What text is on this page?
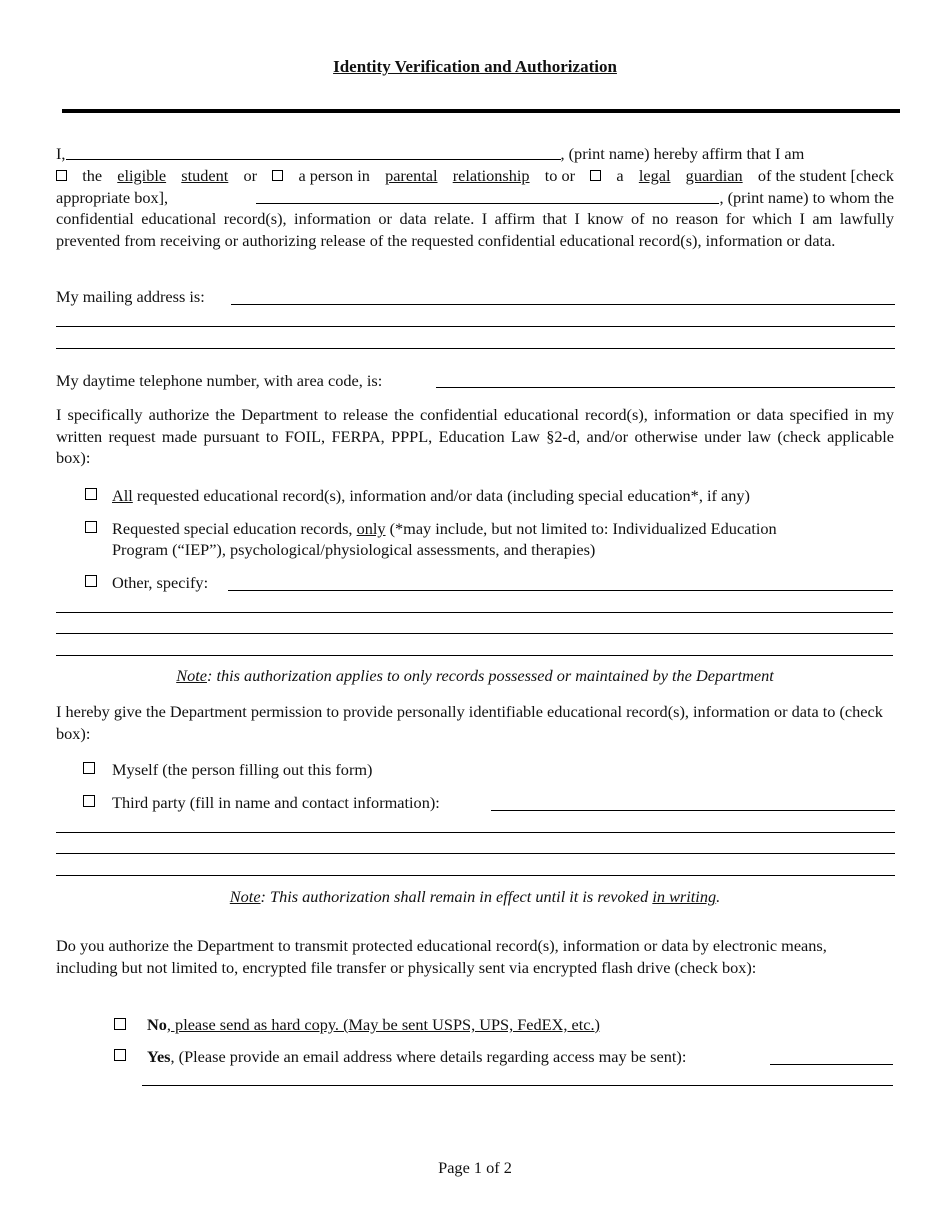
Identity Verification and Authorization
I,	, (print name) hereby affirm that I am
the eligible student or	a person in parental relationship to or	a legal guardian of the student [check
appropriate box],	, (print name) to whom the
confidential educational record(s), information or data relate. I affirm that I know of no reason for which I am lawfully prevented from receiving or authorizing release of the requested confidential educational record(s), information or data.
My mailing address is:
My daytime telephone number, with area code, is:
I specifically authorize the Department to release the confidential educational record(s), information or data specified in my written request made pursuant to FOIL, FERPA, PPPL, Education Law §2-d, and/or otherwise under law (check applicable box):
All requested educational record(s), information and/or data (including special education*, if any)
Requested special education records, only (*may include, but not limited to: Individualized Education
Program (“IEP”), psychological/physiological assessments, and therapies)
Other, specify:
Note: this authorization applies to only records possessed or maintained by the Department
I hereby give the Department permission to provide personally identifiable educational record(s), information or data to (check box):
Myself (the person filling out this form)
Third party (fill in name and contact information):
Note: This authorization shall remain in effect until it is revoked in writing.
Do you authorize the Department to transmit protected educational record(s), information or data by electronic means, including but not limited to, encrypted file transfer or physically sent via encrypted flash drive (check box):
No, please send as hard copy. (May be sent USPS, UPS, FedEX, etc.)
Yes, (Please provide an email address where details regarding access may be sent):
Page 1 of 2
